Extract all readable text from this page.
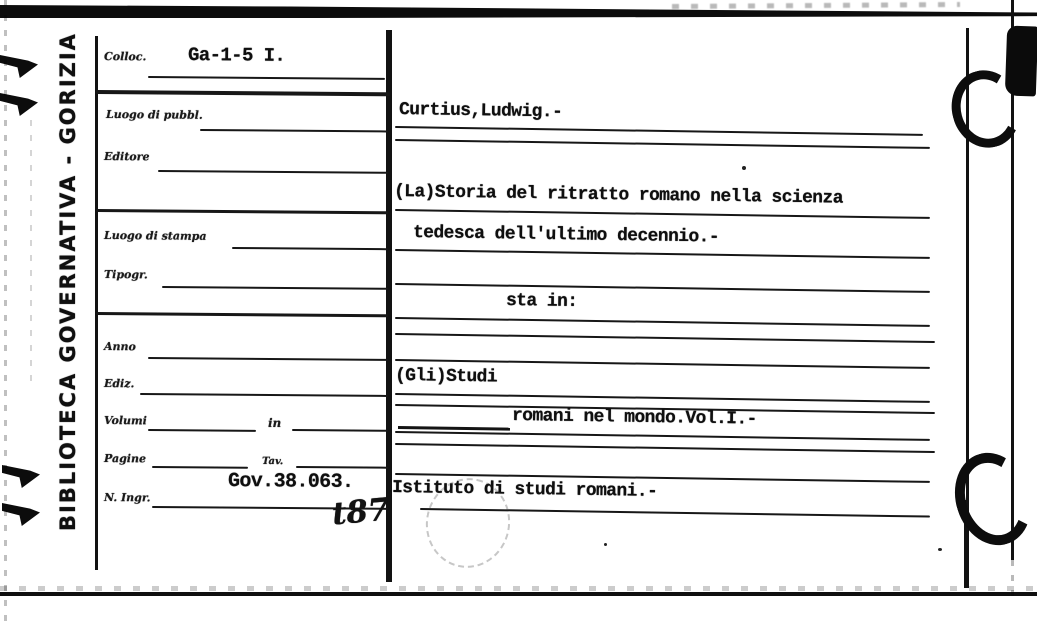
BIBLIOTECA GOVERNATIVA - GORIZIA Colloc. Ga-1-5 I.
Luogo di pubbl.
Editore
Luogo di stampa
Tipogr.
Anno
Ediz.
Volumi	in
Pagine	Tav.
Gov.38.063.
N. Ingr.	t87
Curtius,Ludwig.-
(La)Storia del ritratto romano nella scienza
tedesca dell'ultimo decennio.-
sta in:
(Gli)Studi
romani nel mondo.Vol.I.-
Istituto di studi romani.-
